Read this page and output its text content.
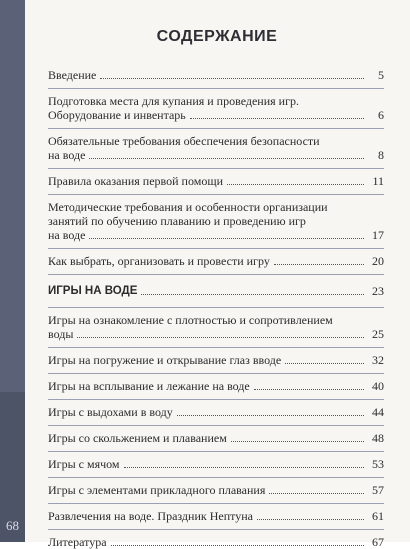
68
СОДЕРЖАНИЕ
Введение	5
Подготовка места для купания и проведения игр.
Оборудование и инвентарь	6
Обязательные требования обеспечения безопасности
на воде	8
Правила оказания первой помощи	11
Методические требования и особенности организации
занятий по обучению плаванию и проведению игр
на воде	17
Как выбрать, организовать и провести игру	20
ИГРЫ НА ВОДЕ	23
Игры на ознакомление с плотностью и сопротивлением
воды	25
Игры на погружение и открывание глаз вводе	32
Игры на всплывание и лежание на воде	40
Игры с выдохами в воду	44
Игры со скольжением и плаванием	48
Игры с мячом	53
Игры с элементами прикладного плавания	57
Развлечения на воде. Праздник Нептуна	61
Литература	67
